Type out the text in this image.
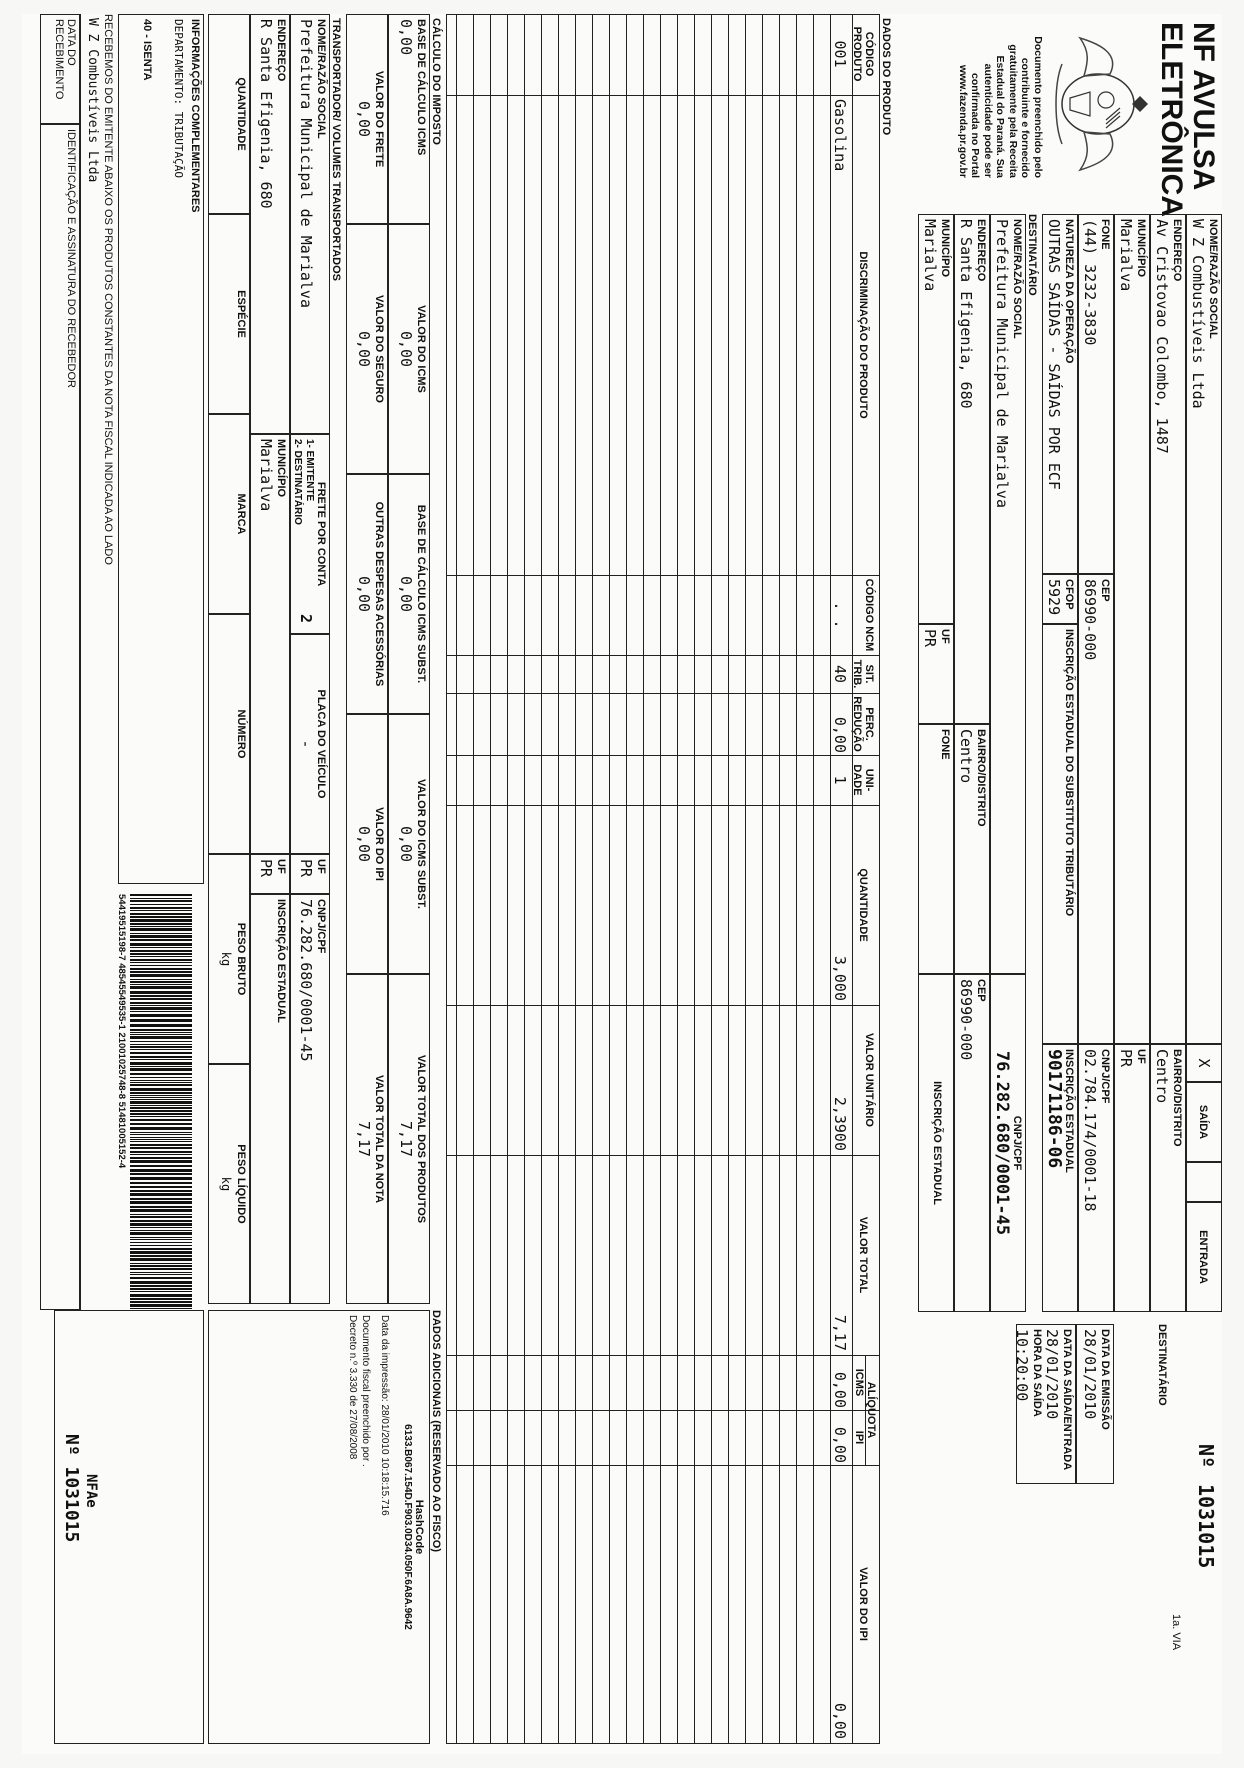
NF AVULSA
ELETRÔNICA
Documento preenchido pelo contribuinte e fornecido gratuitamente pela Receita Estadual do Paraná. Sua autenticidade pode ser confirmada no Portal www.fazenda.pr.gov.br
NOME/RAZÃO SOCIAL
W Z Combustíveis Ltda
X
SAÍDA
ENTRADA
Nº
1031015
ENDEREÇO
Av Cristovao Colombo, 1487
BAIRRO/DISTRITO
Centro
DESTINATÁRIO
1a. VIA
MUNICÍPIO
Marialva
UF
PR
FONE
(44) 3232-3830
CEP
86990-000
CNPJ/CPF
02.784.174/0001-18
DATA DA EMISSÃO
28/01/2010
NATUREZA DA OPERAÇÃO
OUTRAS SAÍDAS - SAÍDAS POR ECF
CFOP
5929
INSCRIÇÃO ESTADUAL DO SUBSTITUTO TRIBUTÁRIO
INSCRIÇÃO ESTADUAL
90171186-06
DATA DA SAÍDA/ENTRADA
28/01/2010
HORA DA SAÍDA
10:20:00
DESTINATÁRIO
NOME/RAZÃO SOCIAL
Prefeitura Municipal de Marialva
CNPJ/CPF
76.282.680/0001-45
ENDEREÇO
R Santa Efigenia, 680
BAIRRO/DISTRITO
Centro
CEP
86990-000
MUNICÍPIO
Marialva
UF
PR
FONE
INSCRIÇÃO ESTADUAL
DADOS DO PRODUTO
CÓDIGO PRODUTO
DISCRIMINAÇÃO DO PRODUTO
CÓDIGO NCM
SIT. TRIB.
PERC. REDUÇÃO
UNI- DADE
QUANTIDADE
VALOR UNITÁRIO
VALOR TOTAL
ALÍQUOTA
ICMS
IPI
VALOR DO IPI
001
Gasolina
. .
40
0,00
1
3,000
2,3900
7,17
0,00
0,00
0,00
CÁLCULO DO IMPOSTO
BASE DE CÁLCULO ICMS
0,00
VALOR DO ICMS
0,00
BASE DE CÁLCULO ICMS SUBST.
0,00
VALOR DO ICMS SUBST.
0,00
VALOR TOTAL DOS PRODUTOS
7,17
VALOR DO FRETE
0,00
VALOR DO SEGURO
0,00
OUTRAS DESPESAS ACESSÓRIAS
0,00
VALOR DO IPI
0,00
VALOR TOTAL DA NOTA
7,17
TRANSPORTADOR/ VOLUMES TRANSPORTADOS
NOME/RAZÃO SOCIAL
Prefeitura Municipal de Marialva
FRETE POR CONTA
1- EMITENTE
2- DESTINATÁRIO
2
PLACA DO VEÍCULO
-
UF
PR
CNPJ/CPF
76.282.680/0001-45
ENDEREÇO
R Santa Efigenia, 680
MUNICÍPIO
Marialva
UF
PR
INSCRIÇÃO ESTADUAL
QUANTIDADE
ESPÉCIE
MARCA
NÚMERO
PESO BRUTO
kg
PESO LÍQUIDO
kg
DADOS ADICIONAIS (RESERVADO AO FISCO)
HashCode
6133.B067.154D.F903.0D34.050F.6A8A.9642
Data da impressão: 28/01/2010 10:18:15.716
Documento fiscal preenchido por .
Decreto n.º 3.330 de 27/08/2008
INFORMAÇÕES COMPLEMENTARES
DEPARTAMENTO: TRIBUTAÇÃO
40 - ISENTA
54419515198-7 48545549535-1 21001025748-8 51481005152-4
RECEBEMOS DO EMITENTE ABAIXO OS PRODUTOS CONSTANTES DA NOTA FISCAL INDICADA AO LADO
W Z Combustíveis Ltda
DATA DO RECEBIMENTO
IDENTIFICAÇÃO E ASSINATURA DO RECEBEDOR
NFAe
Nº 1031015
